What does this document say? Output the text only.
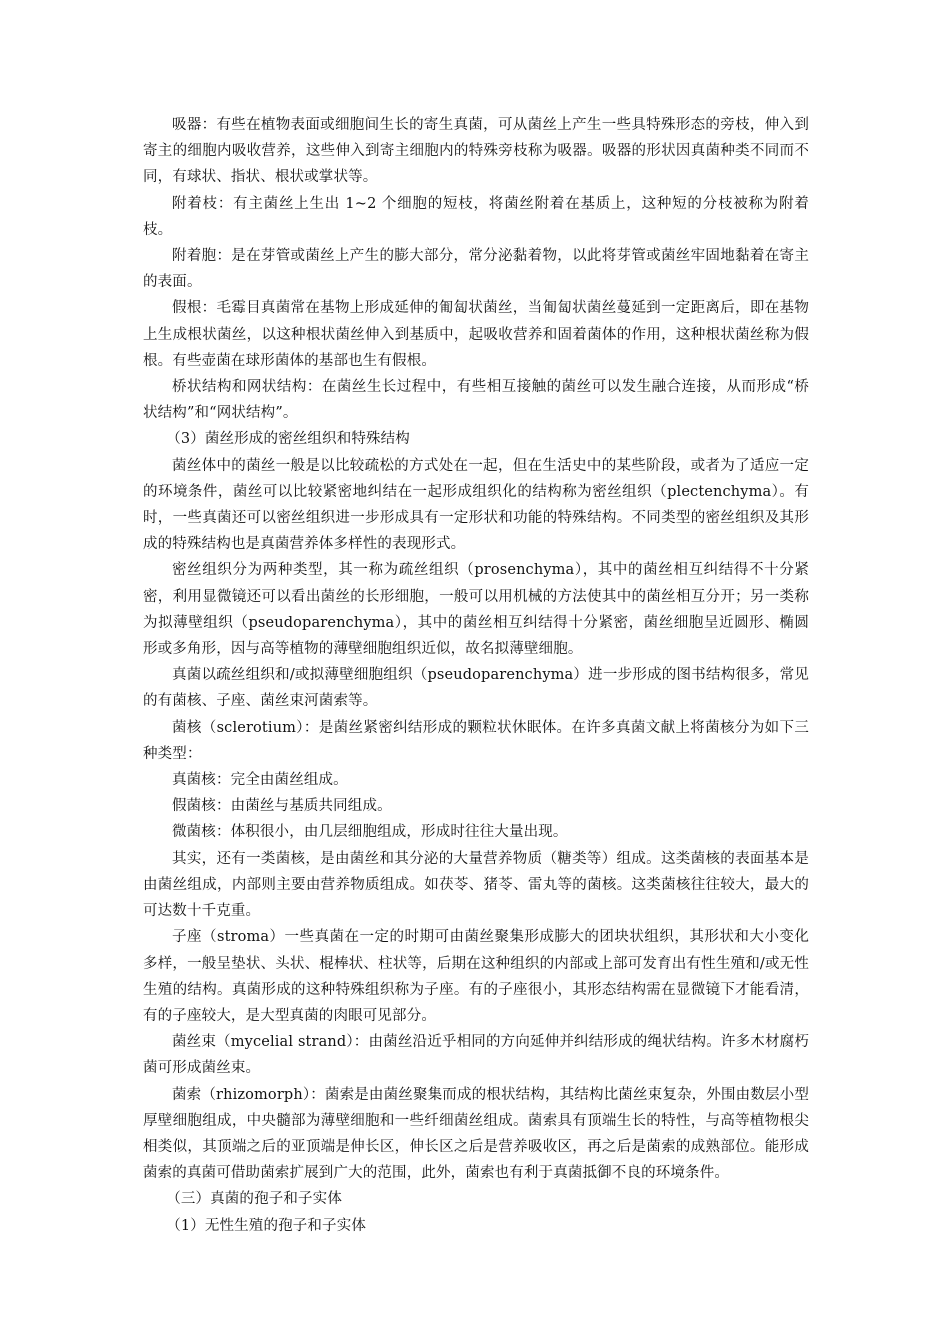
吸器：有些在植物表面或细胞间生长的寄生真菌，可从菌丝上产生一些具特殊形态的旁枝，伸入到寄主的细胞内吸收营养，这些伸入到寄主细胞内的特殊旁枝称为吸器。吸器的形状因真菌种类不同而不同，有球状、指状、根状或掌状等。

附着枝：有主菌丝上生出 1~2 个细胞的短枝，将菌丝附着在基质上，这种短的分枝被称为附着枝。

附着胞：是在芽管或菌丝上产生的膨大部分，常分泌黏着物，以此将芽管或菌丝牢固地黏着在寄主的表面。

假根：毛霉目真菌常在基物上形成延伸的匍匐状菌丝，当匍匐状菌丝蔓延到一定距离后，即在基物上生成根状菌丝，以这种根状菌丝伸入到基质中，起吸收营养和固着菌体的作用，这种根状菌丝称为假根。有些壶菌在球形菌体的基部也生有假根。

桥状结构和网状结构：在菌丝生长过程中，有些相互接触的菌丝可以发生融合连接，从而形成“桥状结构”和“网状结构”。

（3）菌丝形成的密丝组织和特殊结构

菌丝体中的菌丝一般是以比较疏松的方式处在一起，但在生活史中的某些阶段，或者为了适应一定的环境条件，菌丝可以比较紧密地纠结在一起形成组织化的结构称为密丝组织（plectenchyma）。有时，一些真菌还可以密丝组织进一步形成具有一定形状和功能的特殊结构。不同类型的密丝组织及其形成的特殊结构也是真菌营养体多样性的表现形式。

密丝组织分为两种类型，其一称为疏丝组织（prosenchyma），其中的菌丝相互纠结得不十分紧密，利用显微镜还可以看出菌丝的长形细胞，一般可以用机械的方法使其中的菌丝相互分开；另一类称为拟薄壁组织（pseudoparenchyma），其中的菌丝相互纠结得十分紧密，菌丝细胞呈近圆形、椭圆形或多角形，因与高等植物的薄壁细胞组织近似，故名拟薄壁细胞。

真菌以疏丝组织和/或拟薄壁细胞组织（pseudoparenchyma）进一步形成的图书结构很多，常见的有菌核、子座、菌丝束河菌索等。

菌核（sclerotium）：是菌丝紧密纠结形成的颗粒状休眠体。在许多真菌文献上将菌核分为如下三种类型：

真菌核：完全由菌丝组成。

假菌核：由菌丝与基质共同组成。

微菌核：体积很小，由几层细胞组成，形成时往往大量出现。

其实，还有一类菌核，是由菌丝和其分泌的大量营养物质（糖类等）组成。这类菌核的表面基本是由菌丝组成，内部则主要由营养物质组成。如茯苓、猪苓、雷丸等的菌核。这类菌核往往较大，最大的可达数十千克重。

子座（stroma）一些真菌在一定的时期可由菌丝聚集形成膨大的团块状组织，其形状和大小变化多样，一般呈垫状、头状、棍棒状、柱状等，后期在这种组织的内部或上部可发育出有性生殖和/或无性生殖的结构。真菌形成的这种特殊组织称为子座。有的子座很小，其形态结构需在显微镜下才能看清，有的子座较大，是大型真菌的肉眼可见部分。

菌丝束（mycelial strand）：由菌丝沿近乎相同的方向延伸并纠结形成的绳状结构。许多木材腐朽菌可形成菌丝束。

菌索（rhizomorph）：菌索是由菌丝聚集而成的根状结构，其结构比菌丝束复杂，外围由数层小型厚壁细胞组成，中央髓部为薄壁细胞和一些纤细菌丝组成。菌索具有顶端生长的特性，与高等植物根尖相类似，其顶端之后的亚顶端是伸长区，伸长区之后是营养吸收区，再之后是菌索的成熟部位。能形成菌索的真菌可借助菌索扩展到广大的范围，此外，菌索也有利于真菌抵御不良的环境条件。

（三）真菌的孢子和子实体

（1）无性生殖的孢子和子实体
